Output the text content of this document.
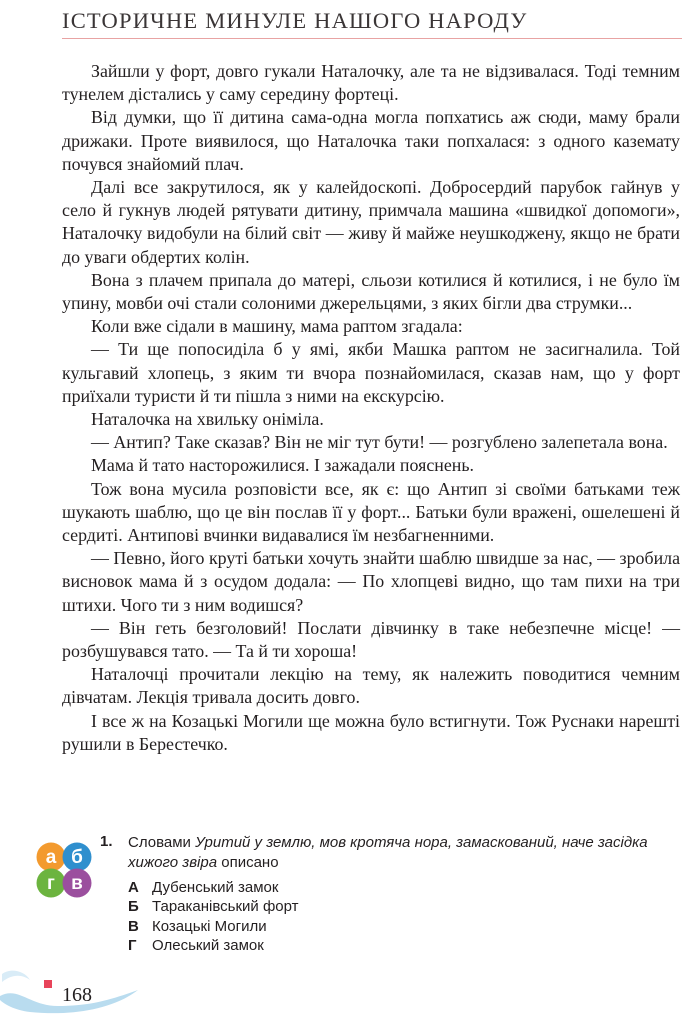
ІСТОРИЧНЕ МИНУЛЕ НАШОГО НАРОДУ

Зайшли у форт, довго гукали Наталочку, але та не відзивалася. Тоді темним тунелем дістались у саму середину фортеці.

Від думки, що її дитина сама-одна могла попхатись аж сюди, маму брали дрижаки. Проте виявилося, що Наталочка таки попхалася: з одного каземату почувся знайомий плач.

Далі все закрутилося, як у калейдоскопі. Добросердий парубок гайнув у село й гукнув людей рятувати дитину, примчала машина «швидкої допомоги», Наталочку видобули на білий світ — живу й майже неушкоджену, якщо не брати до уваги обдертих колін.

Вона з плачем припала до матері, сльози котилися й котилися, і не було їм упину, мовби очі стали солоними джерельцями, з яких бігли два струмки...

Коли вже сідали в машину, мама раптом згадала:

— Ти ще попосиділа б у ямі, якби Машка раптом не засигналила. Той кульгавий хлопець, з яким ти вчора познайомилася, сказав нам, що у форт приїхали туристи й ти пішла з ними на екскурсію.

Наталочка на хвильку оніміла.

— Антип? Таке сказав? Він не міг тут бути! — розгублено залепетала вона.

Мама й тато насторожилися. І зажадали пояснень.

Тож вона мусила розповісти все, як є: що Антип зі своїми батьками теж шукають шаблю, що це він послав її у форт... Батьки були вражені, ошелешені й сердиті. Антипові вчинки видавалися їм незбагненними.

— Певно, його круті батьки хочуть знайти шаблю швидше за нас, — зробила висновок мама й з осудом додала: — По хлопцеві видно, що там пихи на три штихи. Чого ти з ним водишся?

— Він геть безголовий! Послати дівчинку в таке небезпечне місце! — розбушувався тато. — Та й ти хороша!

Наталочці прочитали лекцію на тему, як належить поводитися чемним дівчатам. Лекція тривала досить довго.

І все ж на Козацькі Могили ще можна було встигнути. Тож Руснаки нарешті рушили в Берестечко.

а б
г в
1. Словами Уритий у землю, мов кротяча нора, замаскований, наче засідка хижого звіра описано
А Дубенський замок
Б Тараканівський форт
В Козацькі Могили
Г Олеський замок
168
